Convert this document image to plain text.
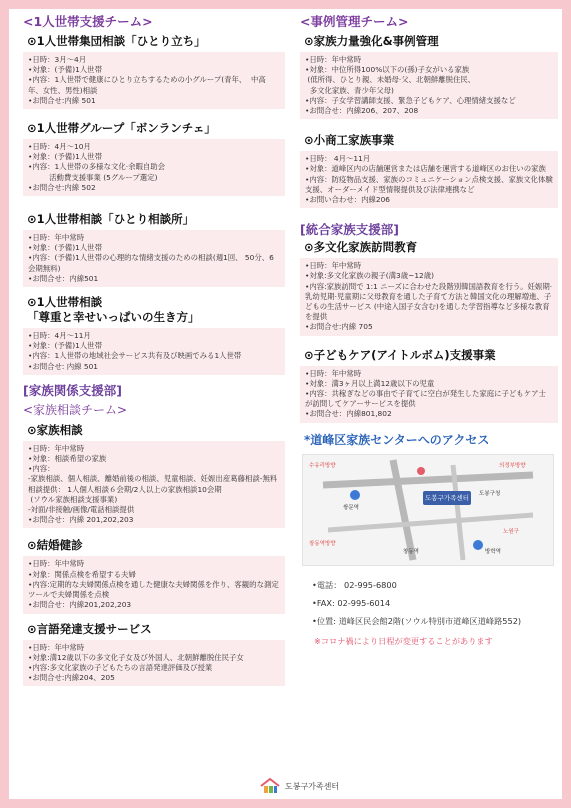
<1人世帯支援チーム>
⊙1人世帯集団相談「ひとり立ち」
•日時：3月～4月
•対象：(予備)1人世帯
•内容：1人世帯で健康にひとり立ちするための小グループ(青年、  中高年、女性、男性)相談
•お問合せ:内線 501
⊙1人世帯グループ「ボンランチェ」
•日時：4月～10月
•対象：(予備)1人世帯
•内容：1人世帯の多様な文化·余暇自助会
活動費支援事業 (5グループ選定)
•お問合せ:内線 502
⊙1人世帯相談「ひとり相談所」
•日時：年中常時
•対象：(予備)1人世帯
•内容：(予備)1人世帯の心理的な情緒支援のための相談(週1回、 50分、6会期無料)
•お問合せ：内線501
⊙1人世帯相談
「尊重と幸せいっぱいの生き方」
•日時：4月～11月
•対象：(予備)1人世帯
•内容：1人世帯の地域社会サービス共有及び映画でみる1人世帯
•お問合せ: 内線 501
[家族関係支援部]
<家族相談チーム>
⊙家族相談
•日時：年中常時
•対象：相談希望の家族
•内容：
-家族相談、個人相談、離婚前後の相談、児童相談、妊娠出産葛藤相談-無料相談提供： 1人個人相談６会期/2人以上の家族相談10会期
(ソウル家族相談支援事業)
-対面/非接触/画像/電話相談提供
•お問合せ：内線 201,202,203
⊙結婚健診
•日時：年中常時
•対象：関係点検を希望する夫婦
•内容:定期的な夫婦関係点検を通した健康な夫婦関係を作り、客観的な測定ツールで夫婦関係を点検
•お問合せ：内線201,202,203
⊙言語発達支援サービス
•日時：年中常時
•対象:満12歳以下の多文化子女及び外国人、北朝鮮離脱住民子女
•内容:多文化家族の子どもたちの言語発達評価及び授業
•お問合せ:内線204、205
<事例管理チーム>
⊙家族力量強化&事例管理
•日時：年中常時
•対象：中位所得100%以下の(孫)子女がいる家族
(低所得、ひとり親、未婚母·父、北朝鮮離脱住民、
多文化家族、青少年父母)
•内容：子女学習講師支援、緊急子どもケア、心理情緒支援など
•お問合せ：内線206、207、208
⊙小商工家族事業
•日時： 4月～11月
•対象：道峰区内の店舗運営または店舗を運営する道峰区のお住いの家族
•内容：防疫物品支援、家族のコミュニケーション点検支援、家族文化体験支援、オーダーメイド型情報提供及び法律連携など
•お問い合わせ：内線206
[統合家族支援部]
⊙多文化家族訪問教育
•日時：年中常時
•対象:多文化家族の親子(満3歳~12歳)
•内容:家族訪問で 1:1 ニーズに合わせた段階別韓国語教育を行う。妊娠期·乳幼児期·児童期に父母教育を通した子育て方法と韓国文化の理解増進、子どもの生活サービス (中途入国子女含む)を通した学習指導など多様な教育を提供
•お問合せ:内線 705
⊙子どもケア(アイトルボム)支援事業
•日時：年中常時
•対象：満3ヶ月以上満12歳以下の児童
•内容：共稼ぎなどの事由で子育てに空白が発生した家庭に子どもケア士が訪問してケアーサービスを提供
•お問合せ：内線801,802
*道峰区家族センターへのアクセス
도봉구가족센터
수유리방향
쌍문역
창동역방향
의정부방향
도봉구청
노원구
방학역
창동역
•電話： 02-995-6800
•FAX: 02-995-6014
•位置: 道峰区民会館2階(ソウル特別市道峰区道峰路552)
※コロナ禍により日程が変更することがあります
도봉구가족센터
